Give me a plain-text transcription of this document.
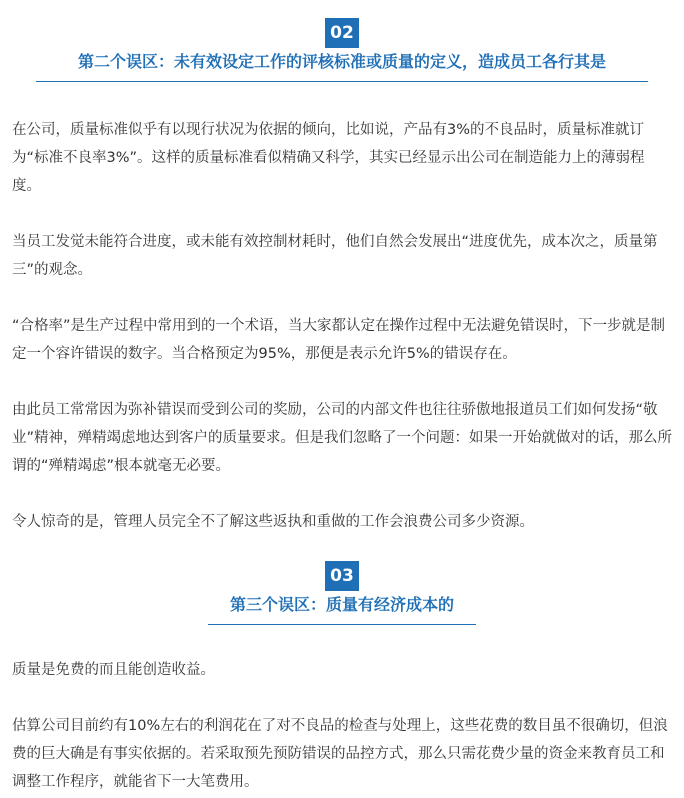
02
第二个误区：未有效设定工作的评核标准或质量的定义，造成员工各行其是

在公司，质量标准似乎有以现行状况为依据的倾向，比如说，产品有3%的不良品时，质量标准就订为“标准不良率3%”。这样的质量标准看似精确又科学，其实已经显示出公司在制造能力上的薄弱程度。

当员工发觉未能符合进度，或未能有效控制材耗时，他们自然会发展出“进度优先，成本次之，质量第三”的观念。

“合格率”是生产过程中常用到的一个术语，当大家都认定在操作过程中无法避免错误时，下一步就是制定一个容许错误的数字。当合格预定为95%，那便是表示允许5%的错误存在。

由此员工常常因为弥补错误而受到公司的奖励，公司的内部文件也往往骄傲地报道员工们如何发扬“敬业”精神，殚精竭虑地达到客户的质量要求。但是我们忽略了一个问题：如果一开始就做对的话，那么所谓的“殚精竭虑”根本就毫无必要。

令人惊奇的是，管理人员完全不了解这些返执和重做的工作会浪费公司多少资源。

03
第三个误区：质量有经济成本的

质量是免费的而且能创造收益。

估算公司目前约有10%左右的利润花在了对不良品的检查与处理上，这些花费的数目虽不很确切，但浪费的巨大确是有事实依据的。若采取预先预防错误的品控方式，那么只需花费少量的资金来教育员工和调整工作程序，就能省下一大笔费用。
